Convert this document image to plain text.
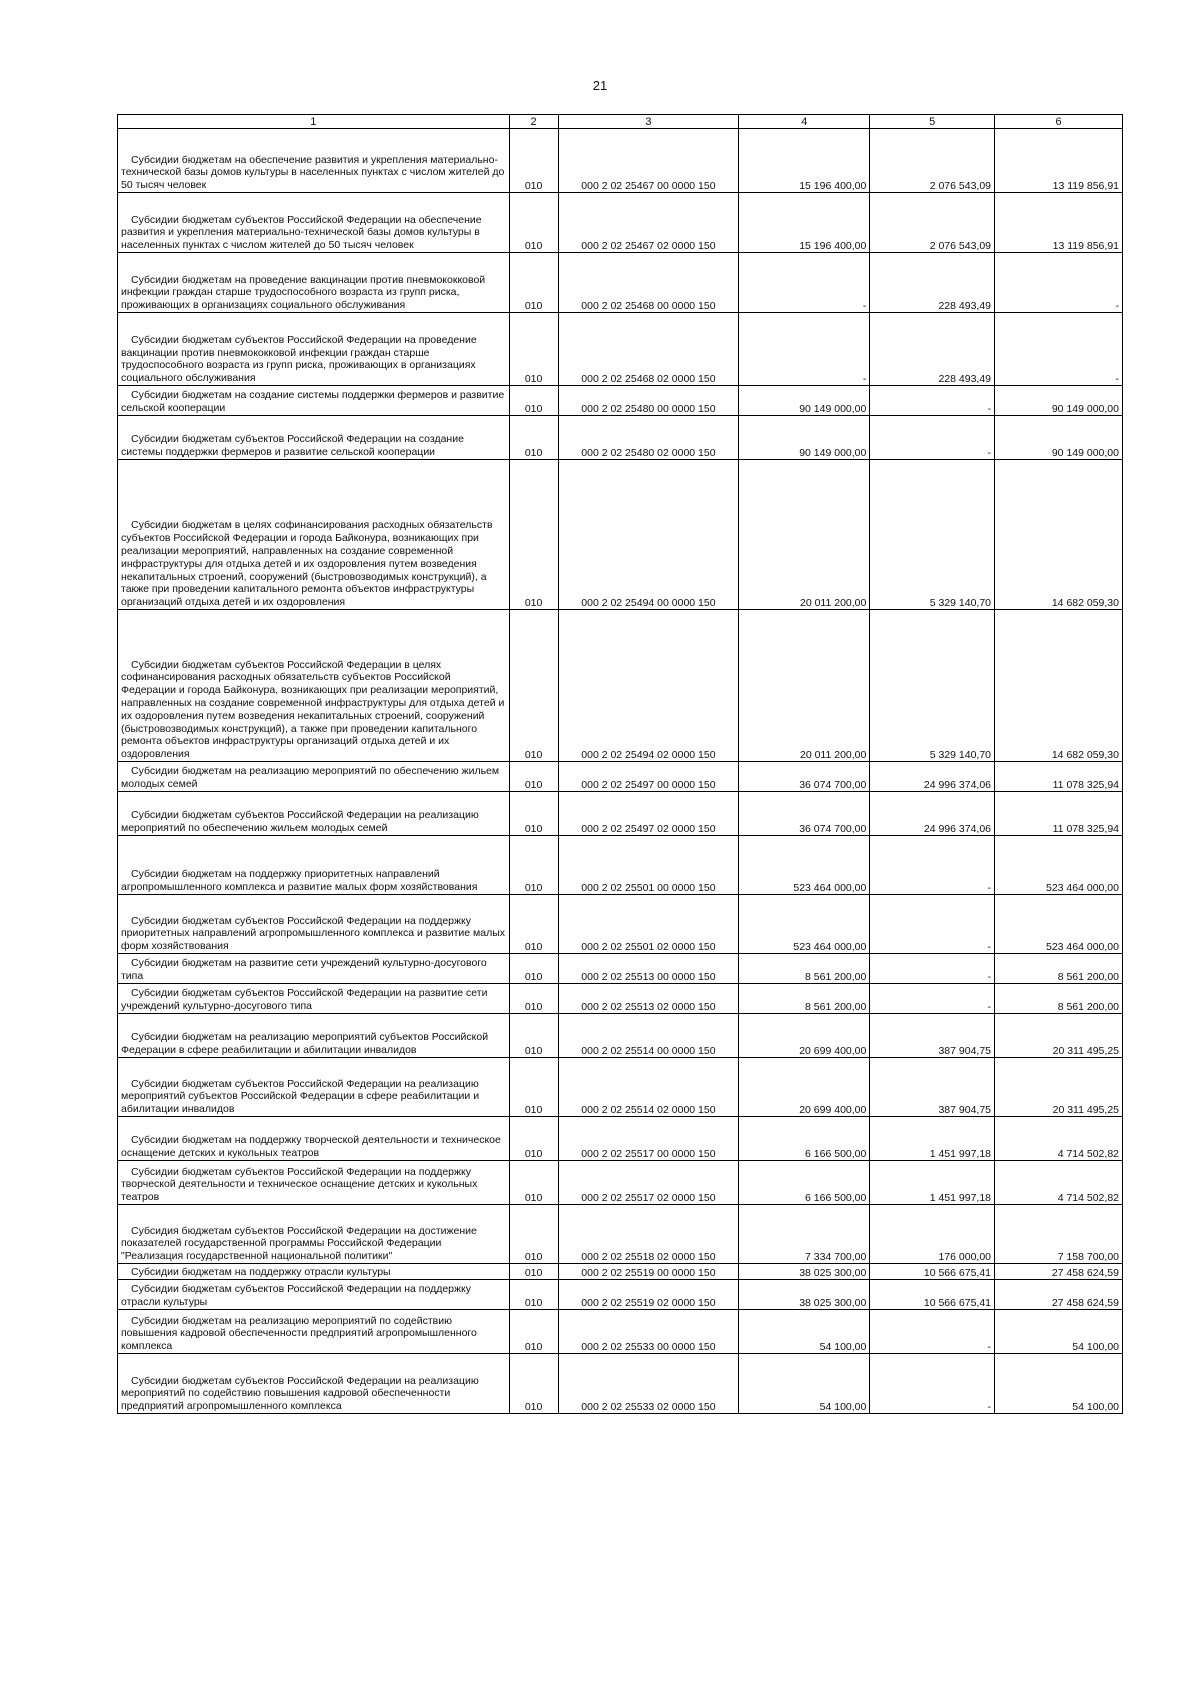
21
1	2	3	4	5	6
Субсидии бюджетам на обеспечение развития и укрепления материально-технической базы домов культуры в населенных пунктах с числом жителей до 50 тысяч человек	010	000 2 02 25467 00 0000 150	15 196 400,00	2 076 543,09	13 119 856,91
Субсидии бюджетам субъектов Российской Федерации на обеспечение развития и укрепления материально-технической базы домов культуры в населенных пунктах с числом жителей до 50 тысяч человек	010	000 2 02 25467 02 0000 150	15 196 400,00	2 076 543,09	13 119 856,91
Субсидии бюджетам на проведение вакцинации против пневмококковой инфекции граждан старше трудоспособного возраста из групп риска, проживающих в организациях социального обслуживания	010	000 2 02 25468 00 0000 150	-	228 493,49	-
Субсидии бюджетам субъектов Российской Федерации на проведение вакцинации против пневмококковой инфекции граждан старше трудоспособного возраста из групп риска, проживающих в организациях социального обслуживания	010	000 2 02 25468 02 0000 150	-	228 493,49	-
Субсидии бюджетам на создание системы поддержки фермеров и развитие сельской кооперации	010	000 2 02 25480 00 0000 150	90 149 000,00	-	90 149 000,00
Субсидии бюджетам субъектов Российской Федерации на создание системы поддержки фермеров и развитие сельской кооперации	010	000 2 02 25480 02 0000 150	90 149 000,00	-	90 149 000,00
Субсидии бюджетам в целях софинансирования расходных обязательств субъектов Российской Федерации и города Байконура, возникающих при реализации мероприятий, направленных на создание современной инфраструктуры для отдыха детей и их оздоровления путем возведения некапитальных строений, сооружений (быстровозводимых конструкций), а также при проведении капитального ремонта объектов инфраструктуры организаций отдыха детей и их оздоровления	010	000 2 02 25494 00 0000 150	20 011 200,00	5 329 140,70	14 682 059,30
Субсидии бюджетам субъектов Российской Федерации в целях софинансирования расходных обязательств субъектов Российской Федерации и города Байконура, возникающих при реализации мероприятий, направленных на создание современной инфраструктуры для отдыха детей и их оздоровления путем возведения некапитальных строений, сооружений (быстровозводимых конструкций), а также при проведении капитального ремонта объектов инфраструктуры организаций отдыха детей и их оздоровления	010	000 2 02 25494 02 0000 150	20 011 200,00	5 329 140,70	14 682 059,30
Субсидии бюджетам на реализацию мероприятий по обеспечению жильем молодых семей	010	000 2 02 25497 00 0000 150	36 074 700,00	24 996 374,06	11 078 325,94
Субсидии бюджетам субъектов Российской Федерации на реализацию мероприятий по обеспечению жильем молодых семей	010	000 2 02 25497 02 0000 150	36 074 700,00	24 996 374,06	11 078 325,94
Субсидии бюджетам на поддержку приоритетных направлений агропромышленного комплекса и развитие малых форм хозяйствования	010	000 2 02 25501 00 0000 150	523 464 000,00	-	523 464 000,00
Субсидии бюджетам субъектов Российской Федерации на поддержку приоритетных направлений агропромышленного комплекса и развитие малых форм хозяйствования	010	000 2 02 25501 02 0000 150	523 464 000,00	-	523 464 000,00
Субсидии бюджетам на развитие сети учреждений культурно-досугового типа	010	000 2 02 25513 00 0000 150	8 561 200,00	-	8 561 200,00
Субсидии бюджетам субъектов Российской Федерации на развитие сети учреждений культурно-досугового типа	010	000 2 02 25513 02 0000 150	8 561 200,00	-	8 561 200,00
Субсидии бюджетам на реализацию мероприятий субъектов Российской Федерации в сфере реабилитации и абилитации инвалидов	010	000 2 02 25514 00 0000 150	20 699 400,00	387 904,75	20 311 495,25
Субсидии бюджетам субъектов Российской Федерации на реализацию мероприятий субъектов Российской Федерации в сфере реабилитации и абилитации инвалидов	010	000 2 02 25514 02 0000 150	20 699 400,00	387 904,75	20 311 495,25
Субсидии бюджетам на поддержку творческой деятельности и техническое оснащение детских и кукольных театров	010	000 2 02 25517 00 0000 150	6 166 500,00	1 451 997,18	4 714 502,82
Субсидии бюджетам субъектов Российской Федерации на поддержку творческой деятельности и техническое оснащение детских и кукольных театров	010	000 2 02 25517 02 0000 150	6 166 500,00	1 451 997,18	4 714 502,82
Субсидия бюджетам субъектов Российской Федерации на достижение показателей государственной программы Российской Федерации "Реализация государственной национальной политики"	010	000 2 02 25518 02 0000 150	7 334 700,00	176 000,00	7 158 700,00
Субсидии бюджетам на поддержку отрасли культуры	010	000 2 02 25519 00 0000 150	38 025 300,00	10 566 675,41	27 458 624,59
Субсидии бюджетам субъектов Российской Федерации на поддержку отрасли культуры	010	000 2 02 25519 02 0000 150	38 025 300,00	10 566 675,41	27 458 624,59
Субсидии бюджетам на реализацию мероприятий по содействию повышения кадровой обеспеченности предприятий агропромышленного комплекса	010	000 2 02 25533 00 0000 150	54 100,00	-	54 100,00
Субсидии бюджетам субъектов Российской Федерации на реализацию мероприятий по содействию повышения кадровой обеспеченности предприятий агропромышленного комплекса	010	000 2 02 25533 02 0000 150	54 100,00	-	54 100,00
